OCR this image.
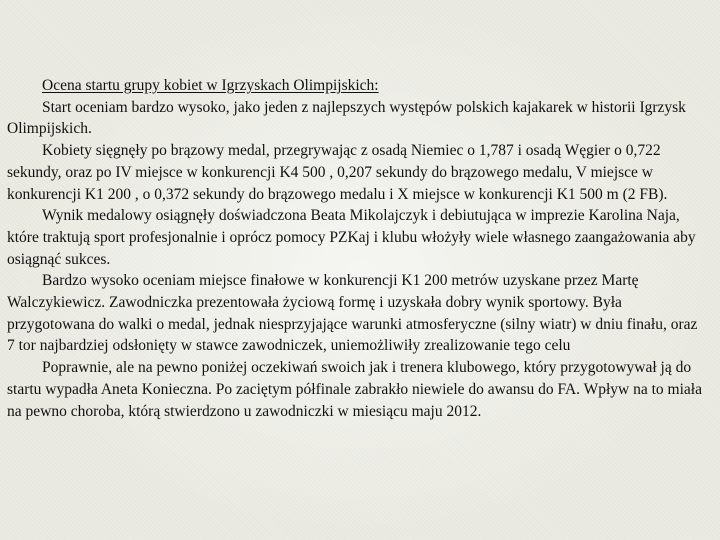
Ocena startu grupy kobiet w Igrzyskach Olimpijskich:

Start oceniam bardzo wysoko, jako jeden z najlepszych występów polskich kajakarek w historii Igrzysk Olimpijskich.

Kobiety sięgnęły po brązowy medal, przegrywając z osadą Niemiec o 1,787 i osadą Węgier o 0,722 sekundy, oraz po IV miejsce w konkurencji K4 500 , 0,207 sekundy do brązowego medalu, V miejsce w konkurencji K1 200 , o 0,372 sekundy do brązowego medalu i X miejsce w konkurencji K1 500 m (2 FB).

Wynik medalowy osiągnęły doświadczona Beata Mikolajczyk i debiutująca w imprezie Karolina Naja, które traktują sport profesjonalnie i oprócz pomocy PZKaj i klubu włożyły wiele własnego zaangażowania aby osiągnąć sukces.

Bardzo wysoko oceniam miejsce finałowe w konkurencji K1 200 metrów uzyskane przez Martę Walczykiewicz. Zawodniczka prezentowała życiową formę i uzyskała dobry wynik sportowy. Była przygotowana do walki o medal, jednak niesprzyjające warunki atmosferyczne (silny wiatr) w dniu finału, oraz 7 tor najbardziej odsłonięty w stawce zawodniczek, uniemożliwiły zrealizowanie tego celu

Poprawnie, ale na pewno poniżej oczekiwań swoich jak i trenera klubowego, który przygotowywał ją do startu wypadła Aneta Konieczna. Po zaciętym półfinale zabrakło niewiele do awansu do FA. Wpływ na to miała na pewno choroba, którą stwierdzono u zawodniczki w miesiącu maju 2012.
